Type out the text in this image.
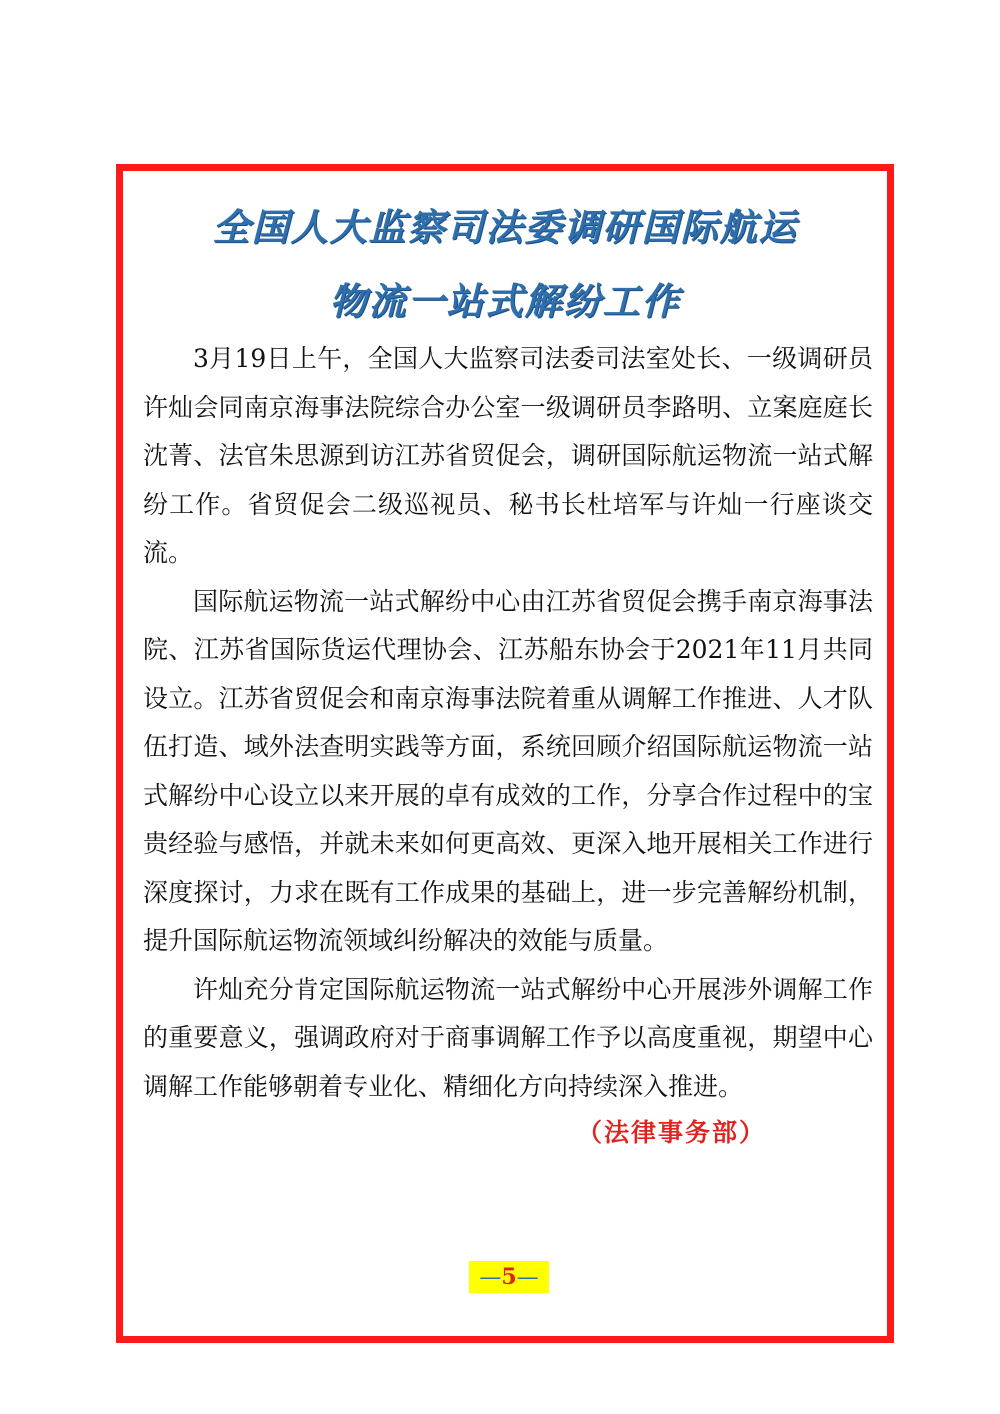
全国人大监察司法委调研国际航运
物流一站式解纷工作

3月19日上午，全国人大监察司法委司法室处长、一级调研员许灿会同南京海事法院综合办公室一级调研员李路明、立案庭庭长沈菁、法官朱思源到访江苏省贸促会，调研国际航运物流一站式解纷工作。省贸促会二级巡视员、秘书长杜培军与许灿一行座谈交流。

国际航运物流一站式解纷中心由江苏省贸促会携手南京海事法院、江苏省国际货运代理协会、江苏船东协会于2021年11月共同设立。江苏省贸促会和南京海事法院着重从调解工作推进、人才队伍打造、域外法查明实践等方面，系统回顾介绍国际航运物流一站式解纷中心设立以来开展的卓有成效的工作，分享合作过程中的宝贵经验与感悟，并就未来如何更高效、更深入地开展相关工作进行深度探讨，力求在既有工作成果的基础上，进一步完善解纷机制，提升国际航运物流领域纠纷解决的效能与质量。

许灿充分肯定国际航运物流一站式解纷中心开展涉外调解工作的重要意义，强调政府对于商事调解工作予以高度重视，期望中心调解工作能够朝着专业化、精细化方向持续深入推进。

（法律事务部）
—5—
